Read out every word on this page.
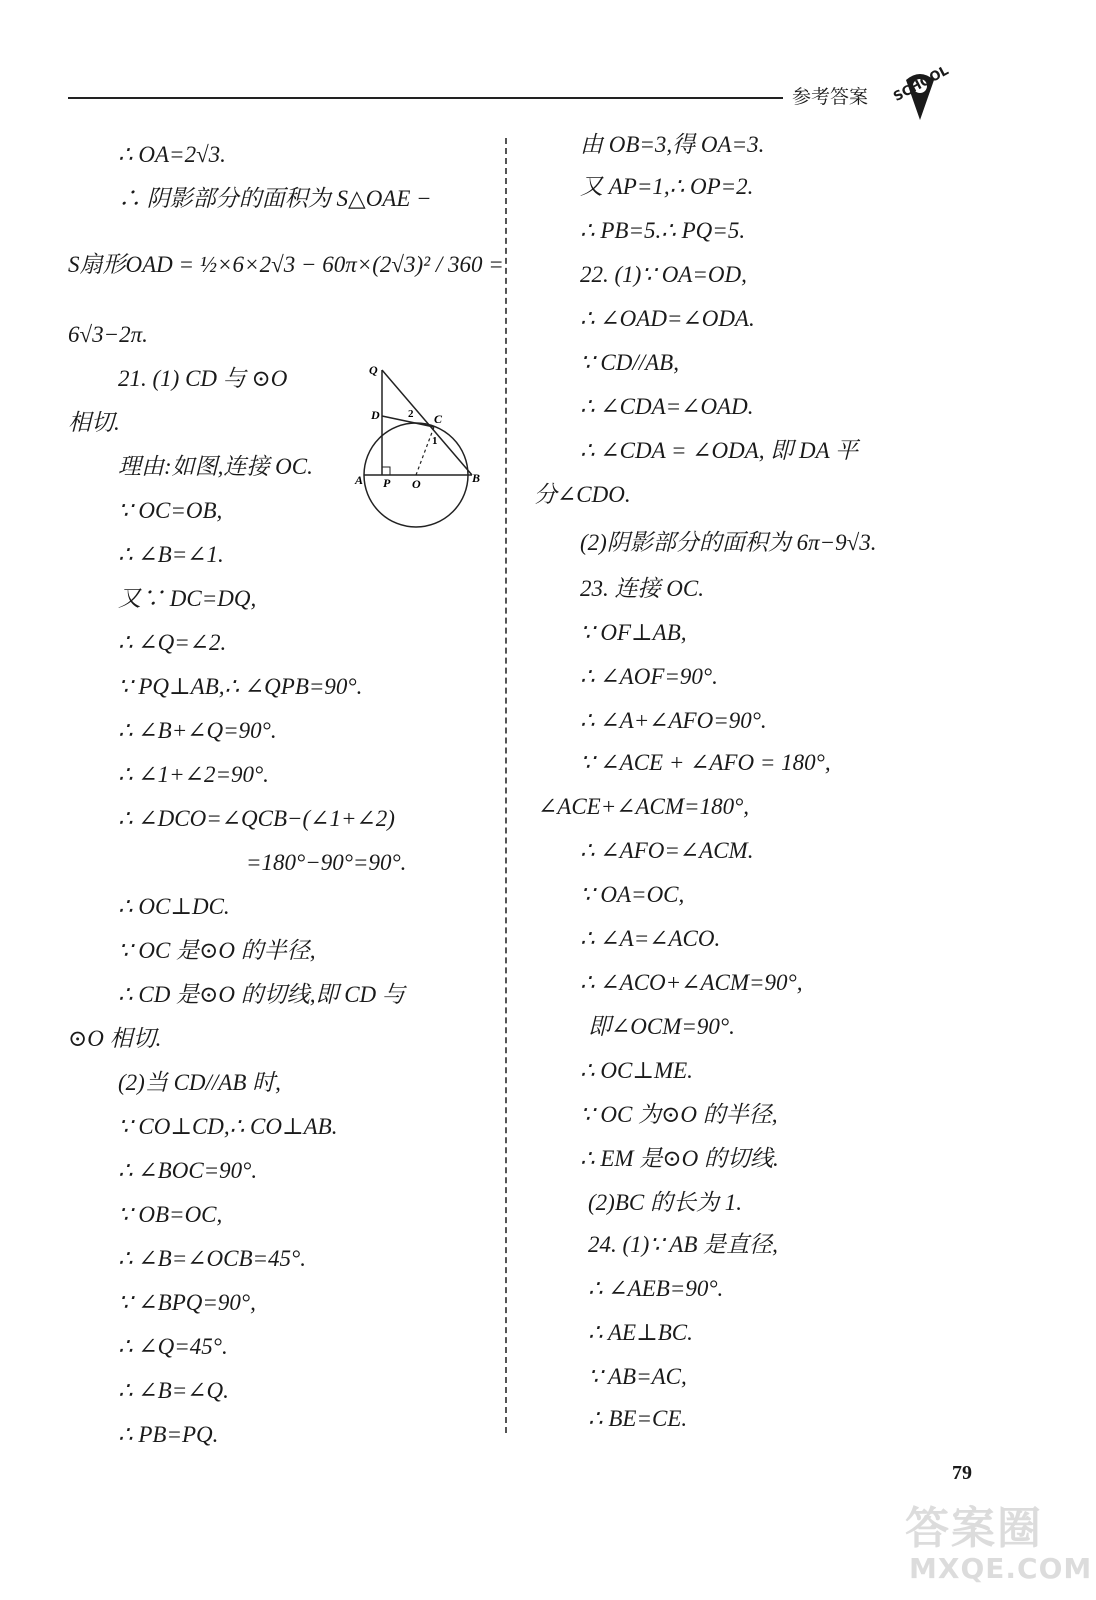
参考答案 SCHOOL
∴ OA=2√3.
∴ 阴影部分的面积为 S△OAE −
S扇形OAD = ½×6×2√3 − 60π×(2√3)² / 360 =
6√3−2π.
21. (1) CD 与 ⊙O
相切.
理由:如图,连接 OC.
∵ OC=OB,
∴ ∠B=∠1.
又∵ DC=DQ,
∴ ∠Q=∠2.
∵ PQ⊥AB,∴ ∠QPB=90°.
∴ ∠B+∠Q=90°.
∴ ∠1+∠2=90°.
∴ ∠DCO=∠QCB−(∠1+∠2)
=180°−90°=90°.
∴ OC⊥DC.
∵ OC 是⊙O 的半径,
∴ CD 是⊙O 的切线,即 CD 与
⊙O 相切.
(2)当 CD//AB 时,
∵ CO⊥CD,∴ CO⊥AB.
∴ ∠BOC=90°.
∵ OB=OC,
∴ ∠B=∠OCB=45°.
∵ ∠BPQ=90°,
∴ ∠Q=45°.
∴ ∠B=∠Q.
∴ PB=PQ.
Q
D	C
2
1
A P O	B
由 OB=3,得 OA=3.
又 AP=1,∴ OP=2.
∴ PB=5.∴ PQ=5.
22. (1)∵ OA=OD,
∴ ∠OAD=∠ODA.
∵ CD//AB,
∴ ∠CDA=∠OAD.
∴ ∠CDA = ∠ODA, 即 DA 平
分∠CDO.
(2)阴影部分的面积为 6π−9√3.
23. 连接 OC.
∵ OF⊥AB,
∴ ∠AOF=90°.
∴ ∠A+∠AFO=90°.
∵ ∠ACE + ∠AFO = 180°,
∠ACE+∠ACM=180°,
∴ ∠AFO=∠ACM.
∵ OA=OC,
∴ ∠A=∠ACO.
∴ ∠ACO+∠ACM=90°,
即∠OCM=90°.
∴ OC⊥ME.
∵ OC 为⊙O 的半径,
∴ EM 是⊙O 的切线.
(2)BC 的长为 1.
24. (1)∵ AB 是直径,
∴ ∠AEB=90°.
∴ AE⊥BC.
∵ AB=AC,
∴ BE=CE.
79
答案圈
MXQE.COM
